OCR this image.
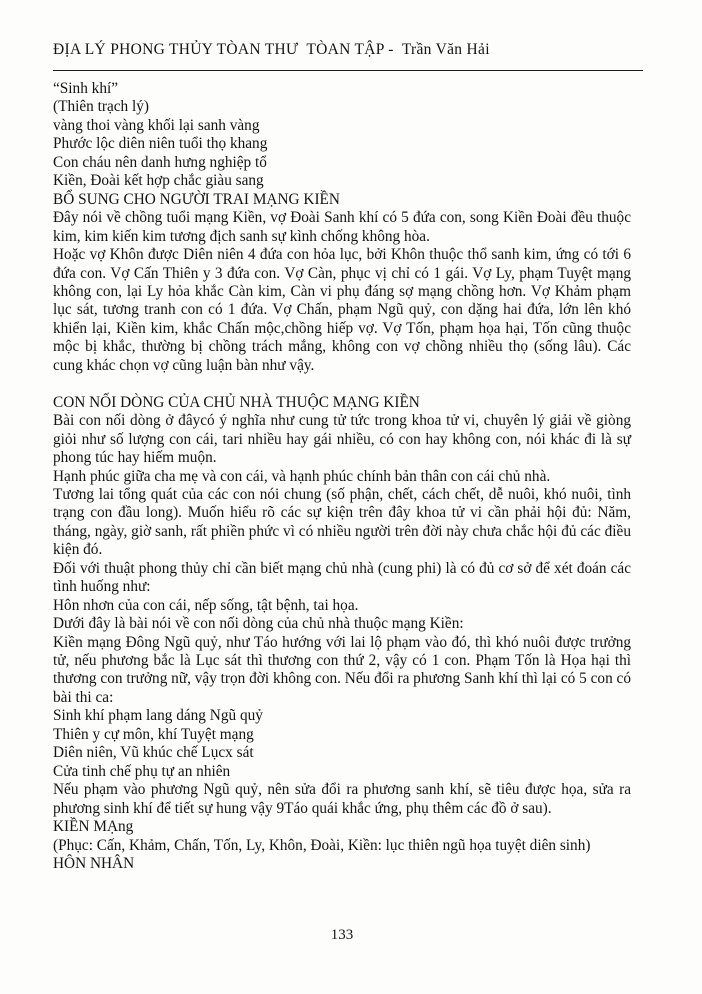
ĐỊA LÝ PHONG THỦY TÒAN THƯ  TÒAN TẬP -  Trần Văn Hải
“Sinh khí”
(Thiên trạch lý)
vàng thoi vàng khối lại sanh vàng
Phước lộc diên niên tuổi thọ khang
Con cháu nên danh hưng nghiệp tổ
Kiền, Đoài kết hợp chắc giàu sang
BỔ SUNG CHO NGƯỜI TRAI MẠNG KIỀN
Đây nói về chồng tuổi mạng Kiền, vợ Đoài Sanh khí có 5 đứa con, song Kiền Đoài đều thuộc kim, kim kiến kim tương địch sanh sự kình chống không hòa.
Hoặc vợ Khôn được Diên niên 4 đứa con hỏa lục, bởi Khôn thuộc thổ sanh kim, ứng có tới 6 đứa con. Vợ Cấn Thiên y 3 đứa con. Vợ Càn, phục vị chỉ có 1 gái. Vợ Ly, phạm Tuyệt mạng không con, lại Ly hỏa khắc Càn kim, Càn vi phụ đáng sợ mạng chồng hơn. Vợ Khảm phạm lục sát, tương tranh con có 1 đứa. Vợ Chấn, phạm Ngũ quỷ, con dặng hai đứa, lớn lên khó khiển lại, Kiền kim, khắc Chấn mộc,chồng hiếp vợ. Vợ Tốn, phạm họa hại, Tốn cũng thuộc mộc bị khắc, thường bị chồng trách mắng, không con vợ chồng nhiều thọ (sống lâu). Các cung khác chọn vợ cũng luận bàn như vậy.
CON NỐI DÒNG CỦA CHỦ NHÀ THUỘC MẠNG KIỀN
Bài con nối dòng ở đâycó ý nghĩa như cung tử tức trong khoa tử vi, chuyên lý giải về giòng giỏi như số lượng con cái, tari nhiều hay gái nhiều, có con hay không con, nói khác đi là sự phong túc hay hiếm muộn.
Hạnh phúc giữa cha mẹ và con cái, và hạnh phúc chính bản thân con cái chủ nhà.
Tương lai tổng quát của các con nói chung (số phận, chết, cách chết, dễ nuôi, khó nuôi, tình trạng con đầu long). Muốn hiểu rõ các sự kiện trên đây khoa tử vi cần phải hội đủ: Năm, tháng, ngày, giờ sanh, rất phiền phức vì có nhiều người trên đời này chưa chắc hội đủ các điều kiện đó.
Đối với thuật phong thủy chỉ cần biết mạng chủ nhà (cung phi) là có đủ cơ sở để xét đoán các tình huống như:
Hôn nhơn của con cái, nếp sống, tật bệnh, tai họa.
Dưới đây là bài nói về con nối dòng của chủ nhà thuộc mạng Kiền:
Kiền mạng Đông Ngũ quỷ, như Táo hướng với lai lộ phạm vào đó, thì khó nuôi được trưởng tử, nếu phương bắc là Lục sát thì thương con thứ 2, vậy có 1 con. Phạm Tốn là Họa hại thì thương con trưởng nữ, vậy trọn đời không con. Nếu đổi ra phương Sanh khí thì lại có 5 con có bài thi ca:
Sinh khí phạm lang dáng Ngũ quỷ
Thiên y cự môn, khí Tuyệt mạng
Diên niên, Vũ khúc chế Lụcx sát
Cửa tinh chế phụ tự an nhiên
Nếu phạm vào phương Ngũ quỷ, nên sửa đổi ra phương sanh khí, sẽ tiêu được họa, sửa ra phương sinh khí để tiết sự hung vậy 9Táo quái khắc ứng, phụ thêm các đồ ở sau).
KIỀN MẠng
(Phục: Cấn, Khảm, Chấn, Tốn, Ly, Khôn, Đoài, Kiền: lục thiên ngũ họa tuyệt diên sinh)
HÔN NHÂN
133
